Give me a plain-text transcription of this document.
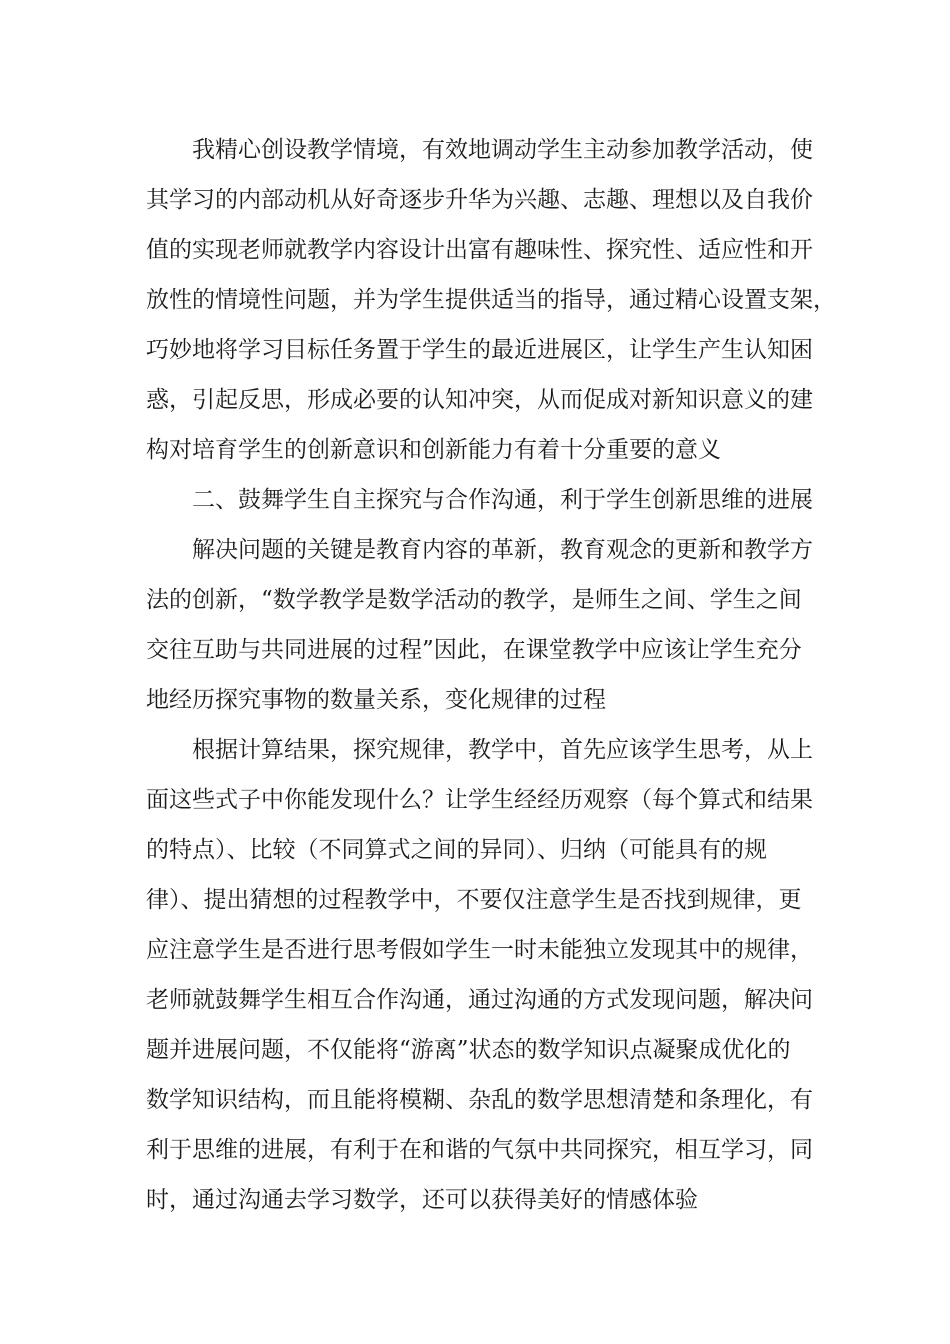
我精心创设教学情境，有效地调动学生主动参加教学活动，使
其学习的内部动机从好奇逐步升华为兴趣、志趣、理想以及自我价
值的实现老师就教学内容设计出富有趣味性、探究性、适应性和开
放性的情境性问题，并为学生提供适当的指导，通过精心设置支架，
巧妙地将学习目标任务置于学生的最近进展区，让学生产生认知困
惑，引起反思，形成必要的认知冲突，从而促成对新知识意义的建
构对培育学生的创新意识和创新能力有着十分重要的意义
二、鼓舞学生自主探究与合作沟通，利于学生创新思维的进展
解决问题的关键是教育内容的革新，教育观念的更新和教学方
法的创新，“数学教学是数学活动的教学，是师生之间、学生之间
交往互助与共同进展的过程”因此，在课堂教学中应该让学生充分
地经历探究事物的数量关系，变化规律的过程
根据计算结果，探究规律，教学中，首先应该学生思考，从上
面这些式子中你能发现什么？让学生经经历观察（每个算式和结果
的特点）、比较（不同算式之间的异同）、归纳（可能具有的规
律）、提出猜想的过程教学中，不要仅注意学生是否找到规律，更
应注意学生是否进行思考假如学生一时未能独立发现其中的规律，
老师就鼓舞学生相互合作沟通，通过沟通的方式发现问题，解决问
题并进展问题，不仅能将“游离”状态的数学知识点凝聚成优化的
数学知识结构，而且能将模糊、杂乱的数学思想清楚和条理化，有
利于思维的进展，有利于在和谐的气氛中共同探究，相互学习，同
时，通过沟通去学习数学，还可以获得美好的情感体验
